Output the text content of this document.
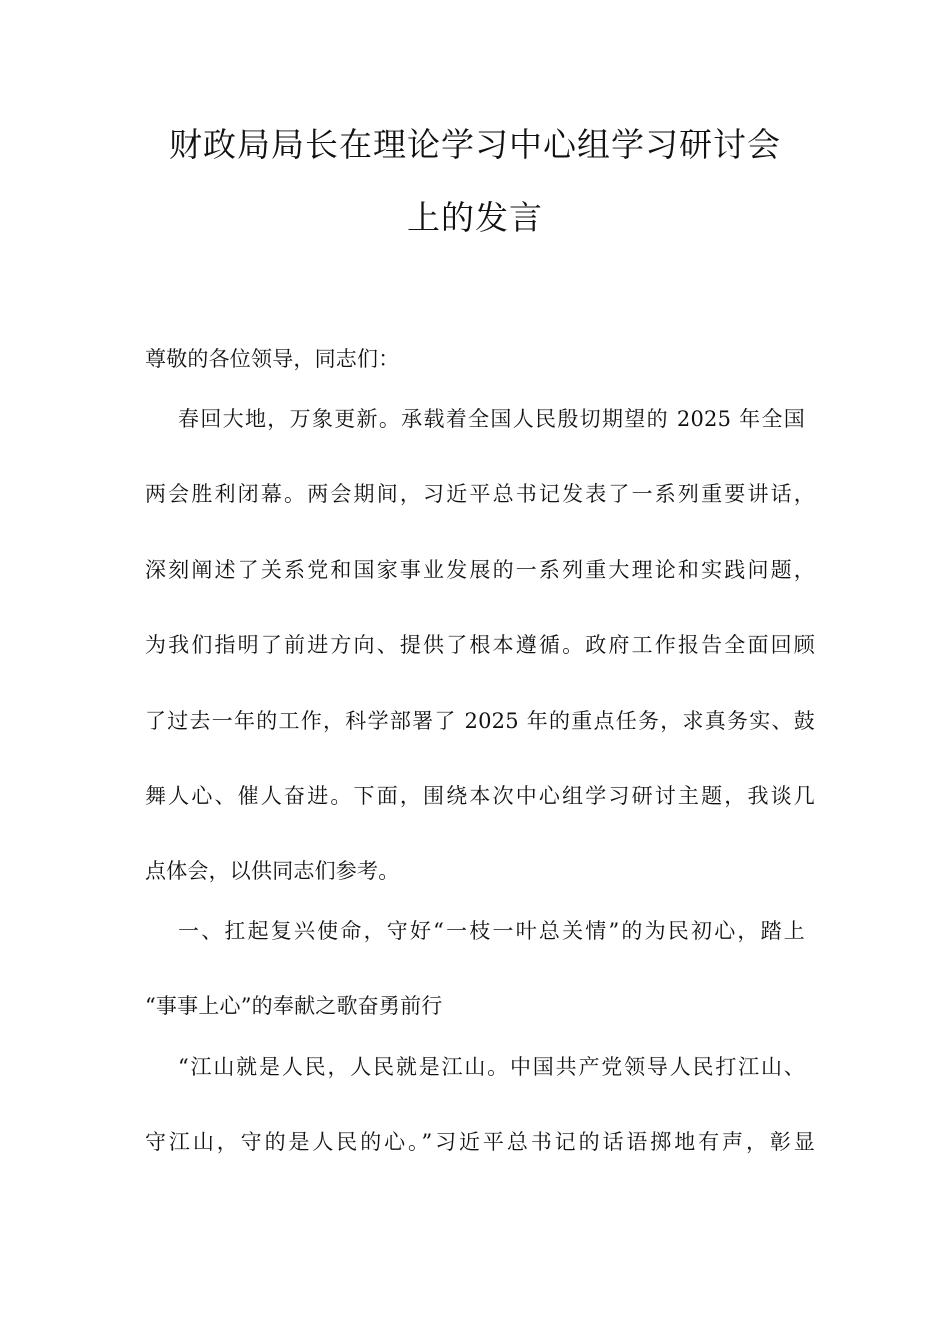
财政局局长在理论学习中心组学习研讨会
上的发言
尊敬的各位领导，同志们：
春回大地，万象更新。承载着全国人民殷切期望的 2025 年全国
两会胜利闭幕。两会期间，习近平总书记发表了一系列重要讲话，
深刻阐述了关系党和国家事业发展的一系列重大理论和实践问题，
为我们指明了前进方向、提供了根本遵循。政府工作报告全面回顾
了过去一年的工作，科学部署了 2025 年的重点任务，求真务实、鼓
舞人心、催人奋进。下面，围绕本次中心组学习研讨主题，我谈几
点体会，以供同志们参考。
一、扛起复兴使命，守好“一枝一叶总关情”的为民初心，踏上
“事事上心”的奉献之歌奋勇前行
“江山就是人民，人民就是江山。中国共产党领导人民打江山、
守江山，守的是人民的心。”习近平总书记的话语掷地有声，彰显
